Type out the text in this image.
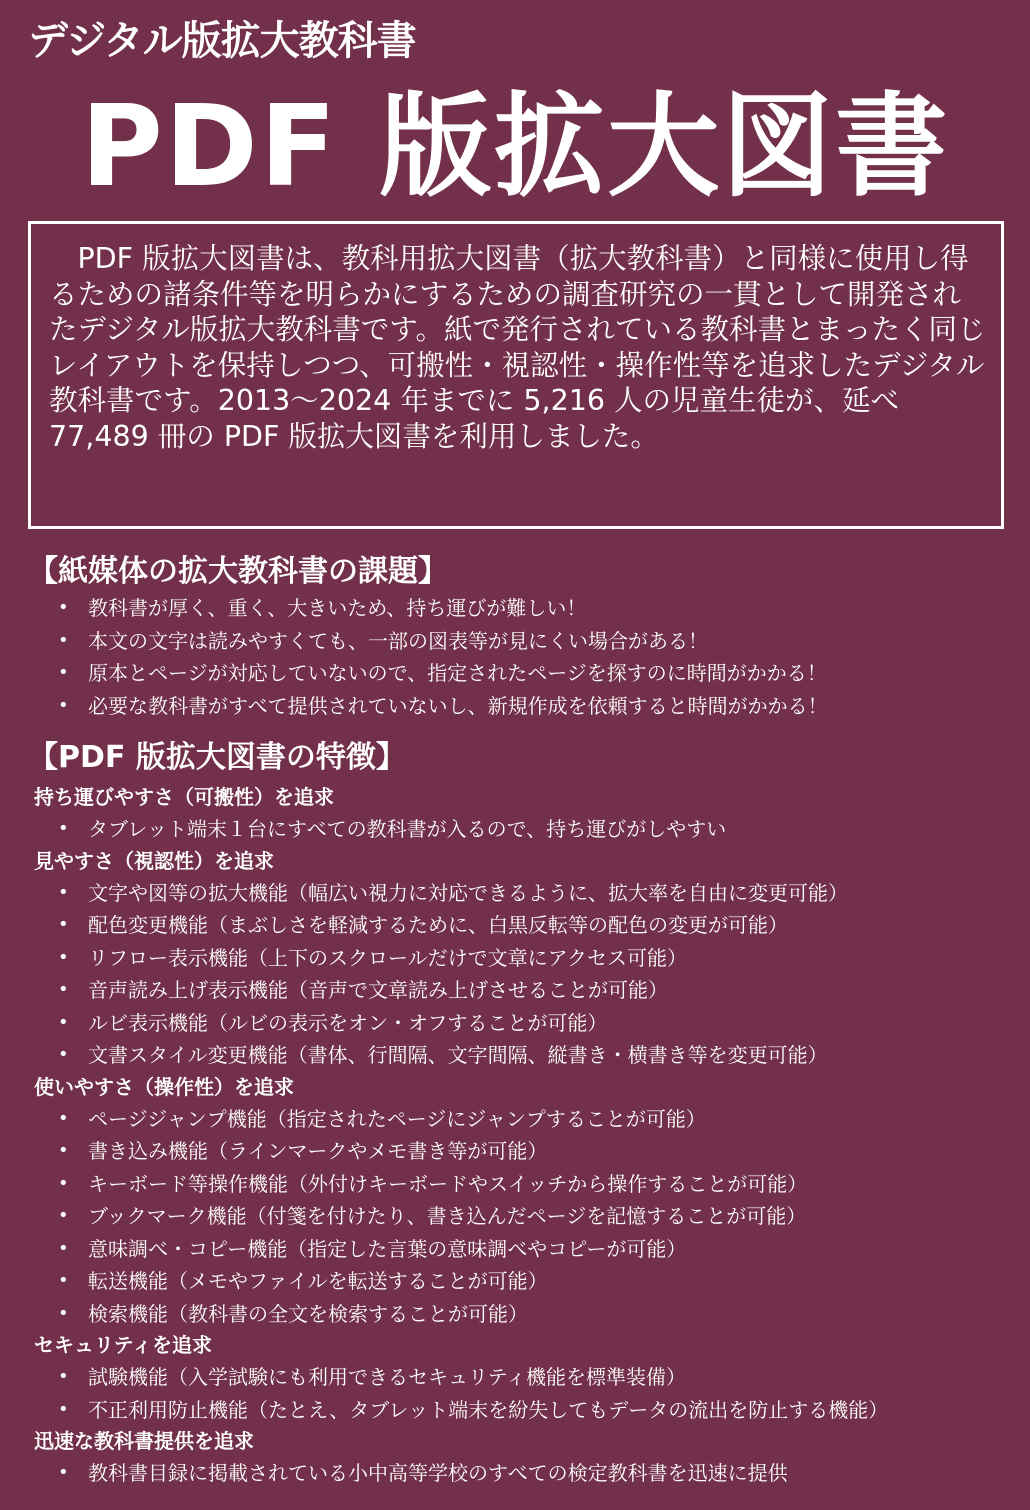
デジタル版拡大教科書
PDF 版拡大図書

PDF 版拡大図書は、教科用拡大図書（拡大教科書）と同様に使用し得るための諸条件等を明らかにするための調査研究の一貫として開発されたデジタル版拡大教科書です。紙で発行されている教科書とまったく同じレイアウトを保持しつつ、可搬性・視認性・操作性等を追求したデジタル教科書です。2013～2024 年までに 5,216 人の児童生徒が、延べ 77,489 冊の PDF 版拡大図書を利用しました。

【紙媒体の拡大教科書の課題】
• 教科書が厚く、重く、大きいため、持ち運びが難しい！
• 本文の文字は読みやすくても、一部の図表等が見にくい場合がある！
• 原本とページが対応していないので、指定されたページを探すのに時間がかかる！
• 必要な教科書がすべて提供されていないし、新規作成を依頼すると時間がかかる！
【PDF 版拡大図書の特徴】
持ち運びやすさ（可搬性）を追求
• タブレット端末１台にすべての教科書が入るので、持ち運びがしやすい
見やすさ（視認性）を追求
• 文字や図等の拡大機能（幅広い視力に対応できるように、拡大率を自由に変更可能）
• 配色変更機能（まぶしさを軽減するために、白黒反転等の配色の変更が可能）
• リフロー表示機能（上下のスクロールだけで文章にアクセス可能）
• 音声読み上げ表示機能（音声で文章読み上げさせることが可能）
• ルビ表示機能（ルビの表示をオン・オフすることが可能）
• 文書スタイル変更機能（書体、行間隔、文字間隔、縦書き・横書き等を変更可能）
使いやすさ（操作性）を追求
• ページジャンプ機能（指定されたページにジャンプすることが可能）
• 書き込み機能（ラインマークやメモ書き等が可能）
• キーボード等操作機能（外付けキーボードやスイッチから操作することが可能）
• ブックマーク機能（付箋を付けたり、書き込んだページを記憶することが可能）
• 意味調べ・コピー機能（指定した言葉の意味調べやコピーが可能）
• 転送機能（メモやファイルを転送することが可能）
• 検索機能（教科書の全文を検索することが可能）
セキュリティを追求
• 試験機能（入学試験にも利用できるセキュリティ機能を標準装備）
• 不正利用防止機能（たとえ、タブレット端末を紛失してもデータの流出を防止する機能）
迅速な教科書提供を追求
• 教科書目録に掲載されている小中高等学校のすべての検定教科書を迅速に提供
